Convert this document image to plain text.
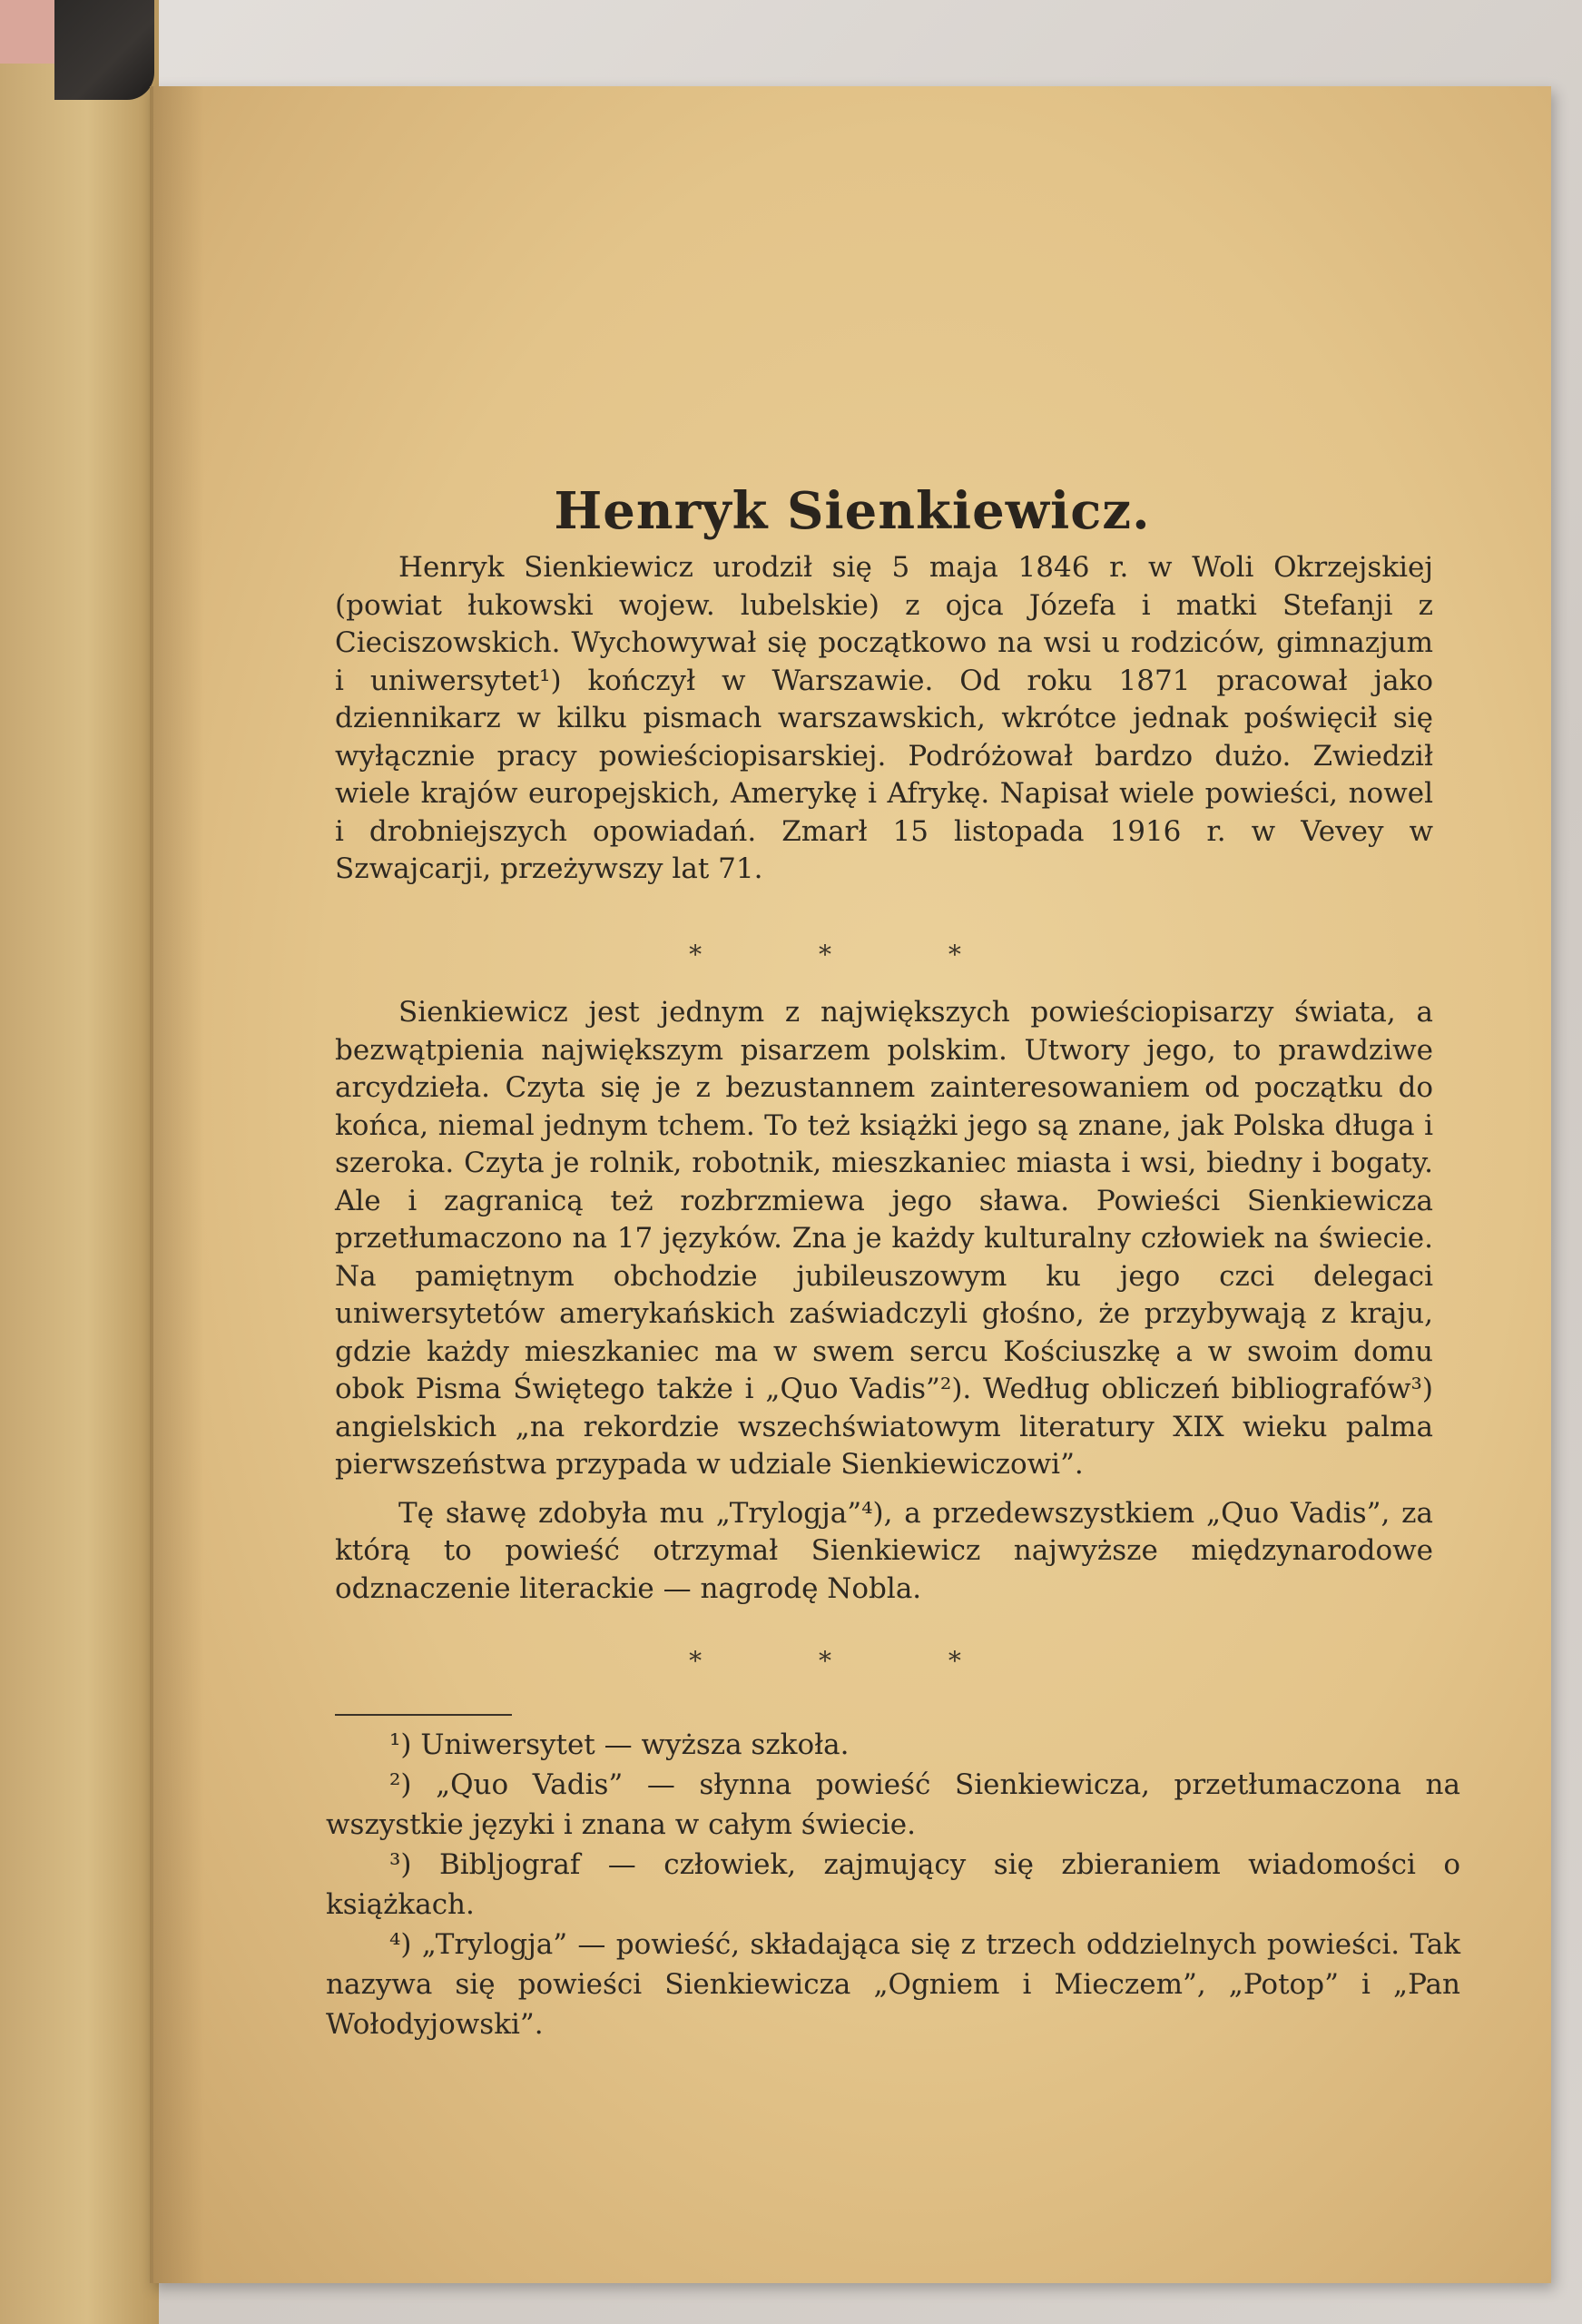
Henryk Sienkiewicz.

Henryk Sienkiewicz urodził się 5 maja 1846 r. w Woli Okrzejskiej (powiat łukowski wojew. lubelskie) z ojca Józefa i matki Stefanji z Cieciszowskich. Wychowywał się początkowo na wsi u rodziców, gimnazjum i uniwersytet¹) kończył w Warszawie. Od roku 1871 pracował jako dziennikarz w kilku pismach warszawskich, wkrótce jednak poświęcił się wyłącznie pracy powieściopisarskiej. Podróżował bardzo dużo. Zwiedził wiele krajów europejskich, Amerykę i Afrykę. Napisał wiele powieści, nowel i drobniejszych opowiadań. Zmarł 15 listopada 1916 r. w Vevey w Szwajcarji, przeżywszy lat 71.

* * *

Sienkiewicz jest jednym z największych powieściopisarzy świata, a bezwątpienia największym pisarzem polskim. Utwory jego, to prawdziwe arcydzieła. Czyta się je z bezustannem zainteresowaniem od początku do końca, niemal jednym tchem. To też książki jego są znane, jak Polska długa i szeroka. Czyta je rolnik, robotnik, mieszkaniec miasta i wsi, biedny i bogaty. Ale i zagranicą też rozbrzmiewa jego sława. Powieści Sienkiewicza przetłumaczono na 17 języków. Zna je każdy kulturalny człowiek na świecie. Na pamiętnym obchodzie jubileuszowym ku jego czci delegaci uniwersytetów amerykańskich zaświadczyli głośno, że przybywają z kraju, gdzie każdy mieszkaniec ma w swem sercu Kościuszkę a w swoim domu obok Pisma Świętego także i „Quo Vadis”²). Według obliczeń bibliografów³) angielskich „na rekordzie wszechświatowym literatury XIX wieku palma pierwszeństwa przypada w udziale Sienkiewiczowi”.

Tę sławę zdobyła mu „Trylogja”⁴), a przedewszystkiem „Quo Vadis”, za którą to powieść otrzymał Sienkiewicz najwyższe międzynarodowe odznaczenie literackie — nagrodę Nobla.

* * *

¹) Uniwersytet — wyższa szkoła.

²) „Quo Vadis” — słynna powieść Sienkiewicza, przetłumaczona na wszystkie języki i znana w całym świecie.

³) Bibljograf — człowiek, zajmujący się zbieraniem wiadomości o książkach.

⁴) „Trylogja” — powieść, składająca się z trzech oddzielnych powieści. Tak nazywa się powieści Sienkiewicza „Ogniem i Mieczem”, „Potop” i „Pan Wołodyjowski”.
